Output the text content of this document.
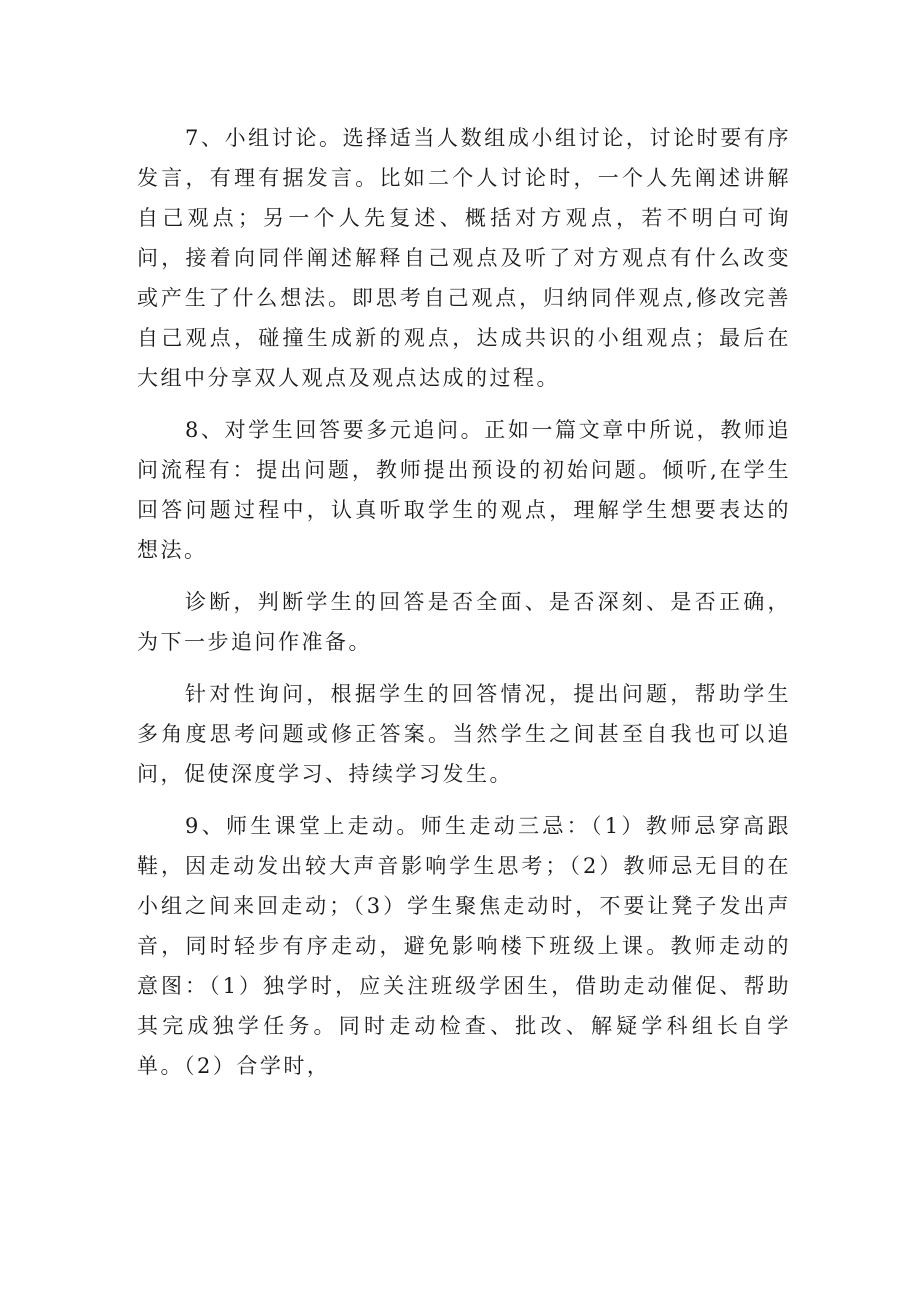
7、小组讨论。选择适当人数组成小组讨论，讨论时要有序发言，有理有据发言。比如二个人讨论时，一个人先阐述讲解自己观点；另一个人先复述、概括对方观点，若不明白可询问，接着向同伴阐述解释自己观点及听了对方观点有什么改变或产生了什么想法。即思考自己观点，归纳同伴观点,修改完善自己观点，碰撞生成新的观点，达成共识的小组观点；最后在大组中分享双人观点及观点达成的过程。

8、对学生回答要多元追问。正如一篇文章中所说，教师追问流程有：提出问题，教师提出预设的初始问题。倾听,在学生回答问题过程中，认真听取学生的观点，理解学生想要表达的想法。

诊断，判断学生的回答是否全面、是否深刻、是否正确，为下一步追问作准备。

针对性询问，根据学生的回答情况，提出问题，帮助学生多角度思考问题或修正答案。当然学生之间甚至自我也可以追问，促使深度学习、持续学习发生。

9、师生课堂上走动。师生走动三忌：（1）教师忌穿高跟鞋，因走动发出较大声音影响学生思考；（2）教师忌无目的在小组之间来回走动；（3）学生聚焦走动时，不要让凳子发出声音，同时轻步有序走动，避免影响楼下班级上课。教师走动的意图：（1）独学时，应关注班级学困生，借助走动催促、帮助其完成独学任务。同时走动检查、批改、解疑学科组长自学单。（2）合学时，
